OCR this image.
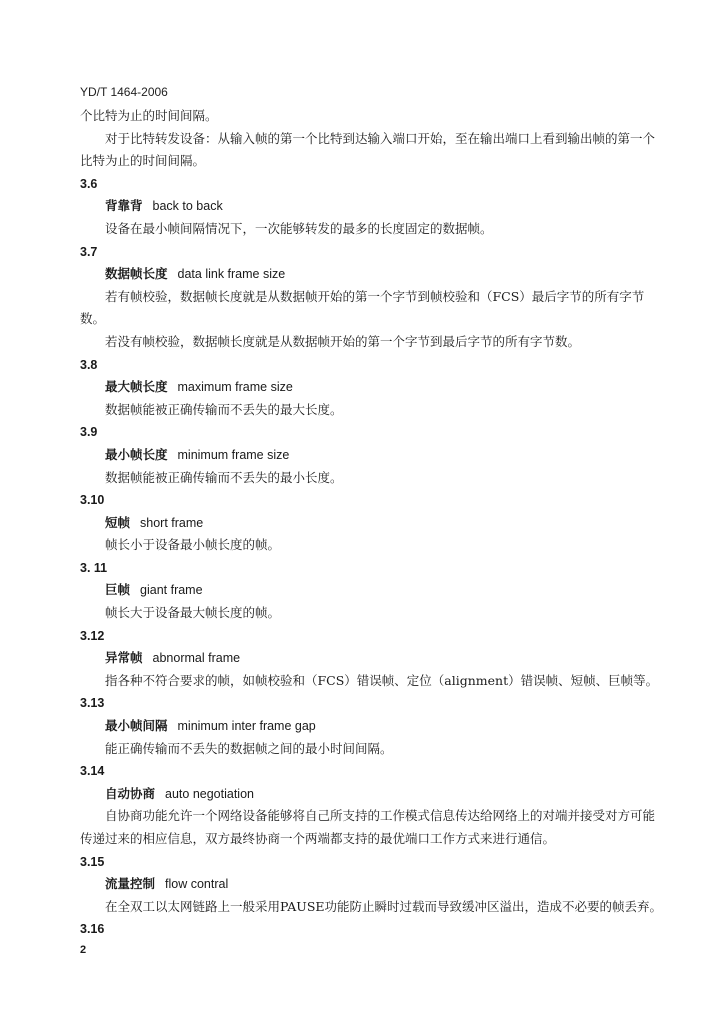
YD/T 1464-2006

个比特为止的时间间隔。

对于比特转发设备：从输入帧的第一个比特到达输入端口开始，至在输出端口上看到输出帧的第一个比特为止的时间间隔。

3.6
背靠背 back to back

设备在最小帧间隔情况下，一次能够转发的最多的长度固定的数据帧。

3.7
数据帧长度 data link frame size

若有帧校验，数据帧长度就是从数据帧开始的第一个字节到帧校验和（FCS）最后字节的所有字节数。

若没有帧校验，数据帧长度就是从数据帧开始的第一个字节到最后字节的所有字节数。

3.8
最大帧长度 maximum frame size

数据帧能被正确传输而不丢失的最大长度。

3.9
最小帧长度 minimum frame size

数据帧能被正确传输而不丢失的最小长度。

3.10
短帧 short frame

帧长小于设备最小帧长度的帧。

3. 11
巨帧 giant frame

帧长大于设备最大帧长度的帧。

3.12
异常帧 abnormal frame

指各种不符合要求的帧，如帧校验和（FCS）错误帧、定位（alignment）错误帧、短帧、巨帧等。

3.13
最小帧间隔 minimum inter frame gap

能正确传输而不丢失的数据帧之间的最小时间间隔。

3.14
自动协商 auto negotiation

自协商功能允许一个网络设备能够将自己所支持的工作模式信息传达给网络上的对端并接受对方可能传递过来的相应信息，双方最终协商一个两端都支持的最优端口工作方式来进行通信。

3.15
流量控制 flow contral

在全双工以太网链路上一般采用PAUSE功能防止瞬时过载而导致缓冲区溢出，造成不必要的帧丢弃。

3.16
2
